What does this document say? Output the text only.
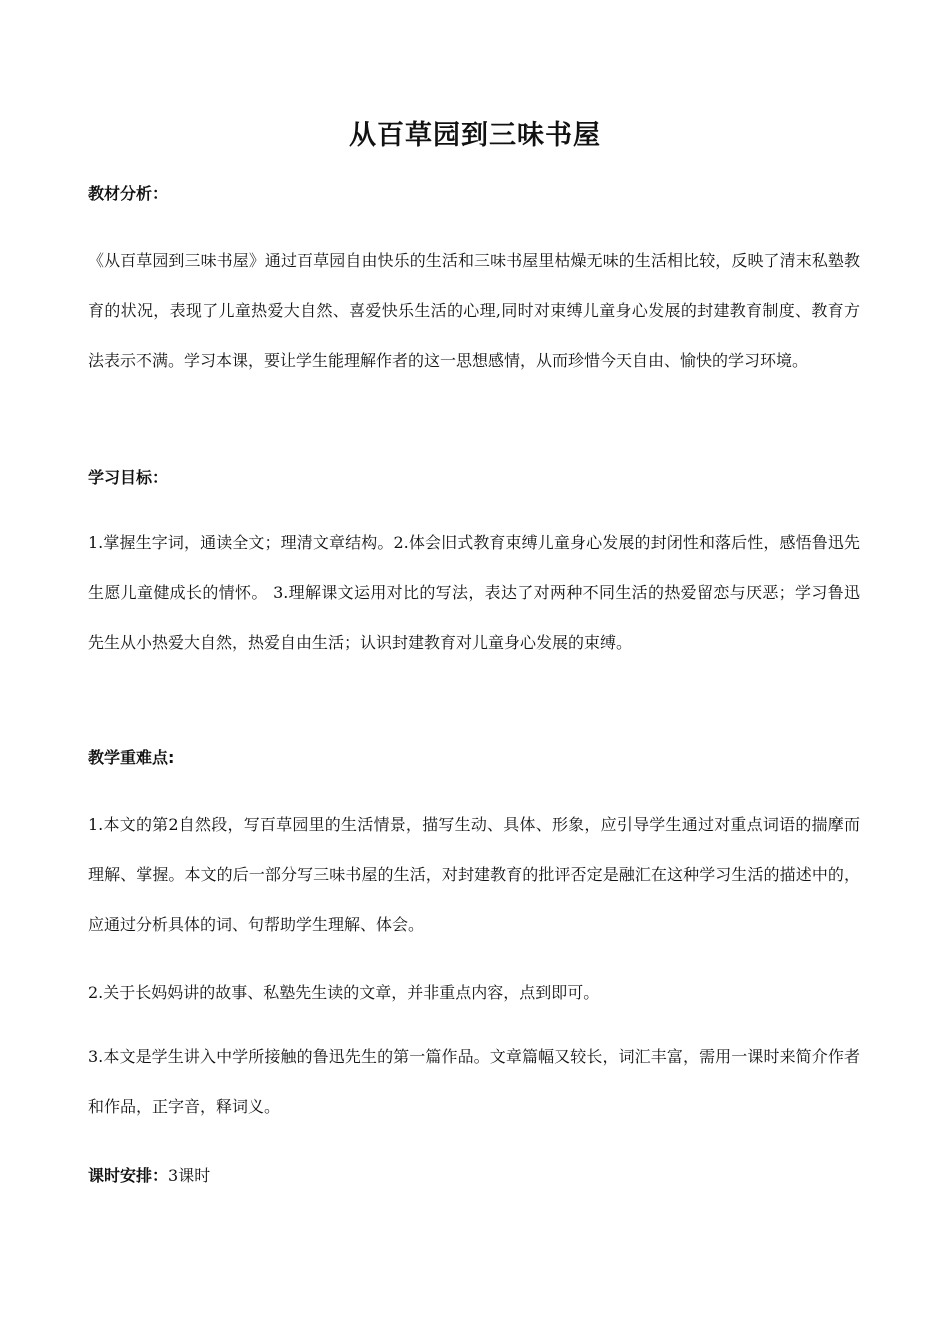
从百草园到三味书屋
教材分析：

《从百草园到三味书屋》通过百草园自由快乐的生活和三味书屋里枯燥无味的生活相比较，反映了清末私塾教育的状况，表现了儿童热爱大自然、喜爱快乐生活的心理,同时对束缚儿童身心发展的封建教育制度、教育方法表示不满。学习本课，要让学生能理解作者的这一思想感情，从而珍惜今天自由、愉快的学习环境。

学习目标：

1.掌握生字词，通读全文；理清文章结构。2.体会旧式教育束缚儿童身心发展的封闭性和落后性，感悟鲁迅先生愿儿童健成长的情怀。 3.理解课文运用对比的写法，表达了对两种不同生活的热爱留恋与厌恶；学习鲁迅先生从小热爱大自然，热爱自由生活；认识封建教育对儿童身心发展的束缚。

教学重难点:

1.本文的第2自然段，写百草园里的生活情景，描写生动、具体、形象，应引导学生通过对重点词语的揣摩而理解、掌握。本文的后一部分写三味书屋的生活，对封建教育的批评否定是融汇在这种学习生活的描述中的，应通过分析具体的词、句帮助学生理解、体会。

2.关于长妈妈讲的故事、私塾先生读的文章，并非重点内容，点到即可。

3.本文是学生讲入中学所接触的鲁迅先生的第一篇作品。文章篇幅又较长，词汇丰富，需用一课时来简介作者和作品，正字音，释词义。

课时安排：3课时
